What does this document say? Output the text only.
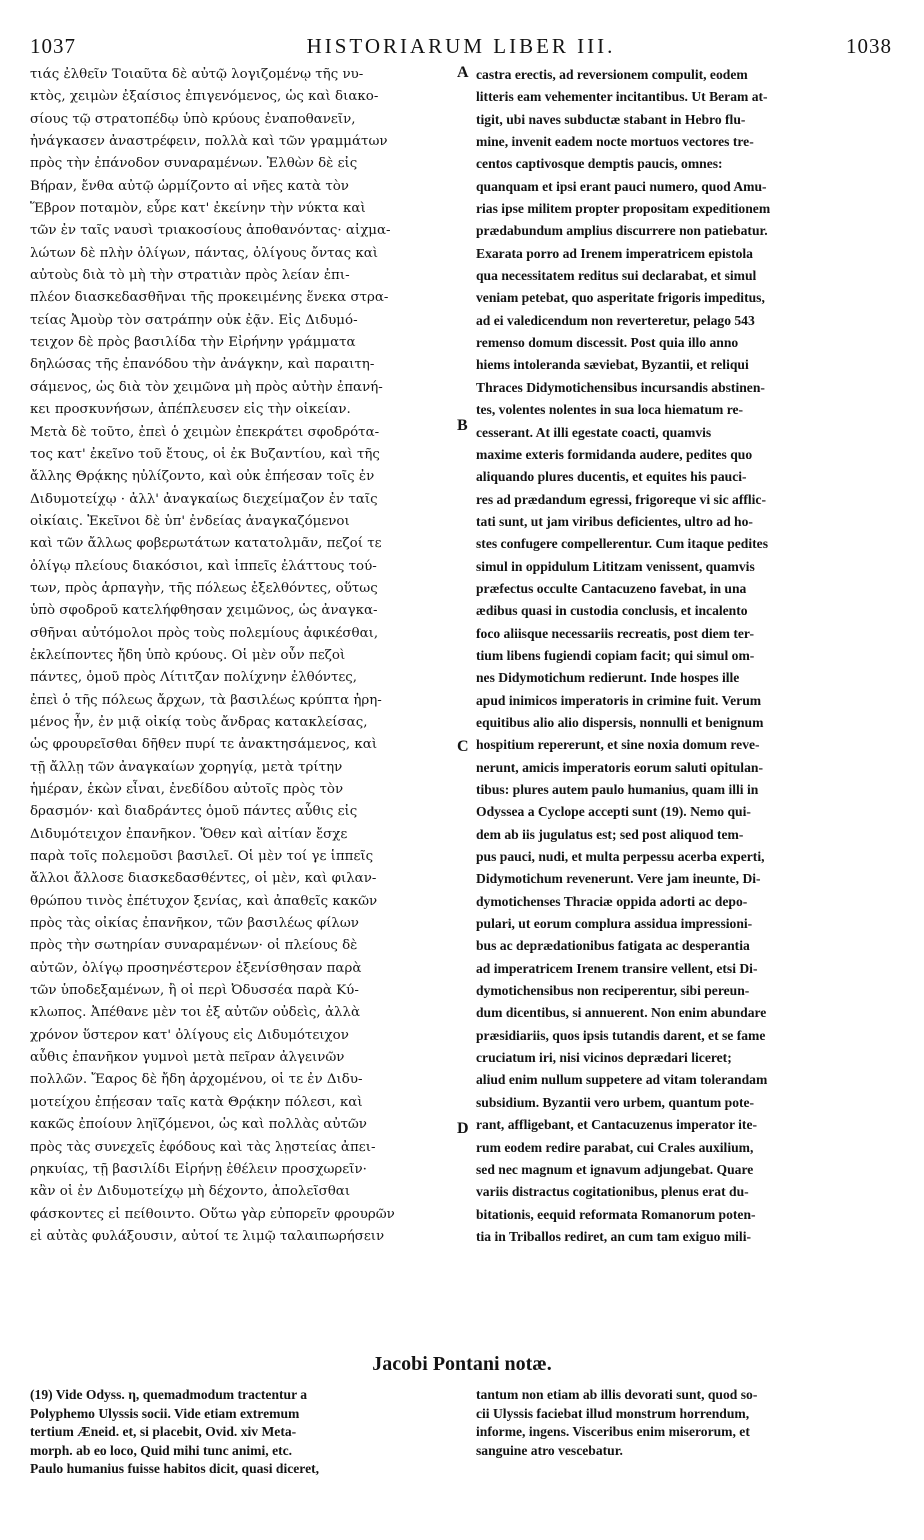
1037	HISTORIARUM LIBER III.	1038
τιάς ἐλθεῖν Τοιαῦτα δὲ αὐτῷ λογιζομένῳ τῆς νυ-
κτὸς, χειμὼν ἐξαίσιος ἐπιγενόμενος, ὡς καὶ διακο-
σίους τῷ στρατοπέδῳ ὑπὸ κρύους ἐναποθανεῖν,
ἠνάγκασεν ἀναστρέφειν, πολλὰ καὶ τῶν γραμμάτων
πρὸς τὴν ἐπάνοδον συναραμένων. Ἐλθὼν δὲ εἰς
Βήραν, ἔνθα αὐτῷ ὡρμίζοντο αἱ νῆες κατὰ τὸν
Ἕβρον ποταμὸν, εὗρε κατ' ἐκείνην τὴν νύκτα καὶ
τῶν ἐν ταῖς ναυσὶ τριακοσίους ἀποθανόντας· αἰχμα-
λώτων δὲ πλὴν ὀλίγων, πάντας, ὀλίγους ὄντας καὶ
αὐτοὺς διὰ τὸ μὴ τὴν στρατιὰν πρὸς λείαν ἐπι-
πλέον διασκεδασθῆναι τῆς προκειμένης ἕνεκα στρα-
τείας Ἀμοὺρ τὸν σατράπην οὐκ ἐᾷν. Εἰς Διδυμό-
τειχον δὲ πρὸς βασιλίδα τὴν Εἰρήνην γράμματα
δηλώσας τῆς ἐπανόδου τὴν ἀνάγκην, καὶ παραιτη-
σάμενος, ὡς διὰ τὸν χειμῶνα μὴ πρὸς αὐτὴν ἐπανή-
κει προσκυνήσων, ἀπέπλευσεν εἰς τὴν οἰκείαν.
Μετὰ δὲ τοῦτο, ἐπεὶ ὁ χειμὼν ἐπεκράτει σφοδρότα-
τος κατ' ἐκεῖνο τοῦ ἔτους, οἱ ἐκ Βυζαντίου, καὶ τῆς
ἄλλης Θρᾴκης ηὐλίζοντο, καὶ οὐκ ἐπήεσαν τοῖς ἐν
Διδυμοτείχῳ · ἀλλ' ἀναγκαίως διεχείμαζον ἐν ταῖς
οἰκίαις. Ἐκεῖνοι δὲ ὑπ' ἐνδείας ἀναγκαζόμενοι
καὶ τῶν ἄλλως φοβερωτάτων κατατολμᾶν, πεζοί τε
ὀλίγῳ πλείους διακόσιοι, καὶ ἱππεῖς ἐλάττους τού-
των, πρὸς ἁρπαγὴν, τῆς πόλεως ἐξελθόντες, οὕτως
ὑπὸ σφοδροῦ κατελήφθησαν χειμῶνος, ὡς ἀναγκα-
σθῆναι αὐτόμολοι πρὸς τοὺς πολεμίους ἀφικέσθαι,
ἐκλείποντες ἤδη ὑπὸ κρύους. Οἱ μὲν οὖν πεζοὶ
πάντες, ὁμοῦ πρὸς Λίτιτζαν πολίχνην ἐλθόντες,
ἐπεὶ ὁ τῆς πόλεως ἄρχων, τὰ βασιλέως κρύπτα ἠρη-
μένος ἦν, ἐν μιᾷ οἰκίᾳ τοὺς ἄνδρας κατακλείσας,
ὡς φρουρεῖσθαι δῆθεν πυρί τε ἀνακτησάμενος, καὶ
τῇ ἄλλῃ τῶν ἀναγκαίων χορηγίᾳ, μετὰ τρίτην
ἡμέραν, ἑκὼν εἶναι, ἐνεδίδου αὐτοῖς πρὸς τὸν
δρασμόν· καὶ διαδράντες ὁμοῦ πάντες αὖθις εἰς
Διδυμότειχον ἐπανῆκον. Ὅθεν καὶ αἰτίαν ἔσχε
παρὰ τοῖς πολεμοῦσι βασιλεῖ. Οἱ μὲν τοί γε ἱππεῖς
ἄλλοι ἄλλοσε διασκεδασθέντες, οἱ μὲν, καὶ φιλαν-
θρώπου τινὸς ἐπέτυχον ξενίας, καὶ ἀπαθεῖς κακῶν
πρὸς τὰς οἰκίας ἐπανῆκον, τῶν βασιλέως φίλων
πρὸς τὴν σωτηρίαν συναραμένων· οἱ πλείους δὲ
αὐτῶν, ὀλίγῳ προσηνέστερον ἐξενίσθησαν παρὰ
τῶν ὑποδεξαμένων, ἢ οἱ περὶ Ὀδυσσέα παρὰ Κύ-
κλωπος. Ἀπέθανε μὲν τοι ἐξ αὐτῶν οὐδεὶς, ἀλλὰ
χρόνον ὕστερον κατ' ὀλίγους εἰς Διδυμότειχον
αὖθις ἐπανῆκον γυμνοὶ μετὰ πεῖραν ἀλγεινῶν
πολλῶν. Ἔαρος δὲ ἤδη ἀρχομένου, οἱ τε ἐν Διδυ-
μοτείχου ἐπῄεσαν ταῖς κατὰ Θρᾴκην πόλεσι, καὶ
κακῶς ἐποίουν ληϊζόμενοι, ὡς καὶ πολλὰς αὐτῶν
πρὸς τὰς συνεχεῖς ἐφόδους καὶ τὰς λῃστείας ἀπει-
ρηκυίας, τῇ βασιλίδι Εἰρήνῃ ἐθέλειν προσχωρεῖν·
κἂν οἱ ἐν Διδυμοτείχῳ μὴ δέχοντο, ἀπολεῖσθαι
φάσκοντες εἰ πείθοιντο. Οὕτω γὰρ εὐπορεῖν φρουρῶν
εἰ αὐτὰς φυλάξουσιν, αὐτοί τε λιμῷ ταλαιπωρήσειν
castra erectis, ad reversionem compulit, eodem
litteris eam vehementer incitantibus. Ut Beram at-
tigit, ubi naves subductæ stabant in Hebro flu-
mine, invenit eadem nocte mortuos vectores tre-
centos captivosque demptis paucis, omnes:
quanquam et ipsi erant pauci numero, quod Amu-
rias ipse militem propter propositam expeditionem
prædabundum amplius discurrere non patiebatur.
Exarata porro ad Irenem imperatricem epistola
qua necessitatem reditus sui declarabat, et simul
veniam petebat, quo asperitate frigoris impeditus,
ad ei valedicendum non reverteretur, pelago 543
remenso domum discessit. Post quia illo anno
hiems intoleranda sæviebat, Byzantii, et reliqui
Thraces Didymotichensibus incursandis abstinen-
tes, volentes nolentes in sua loca hiematum re-
cesserant. At illi egestate coacti, quamvis
maxime exteris formidanda audere, pedites quo
aliquando plures ducentis, et equites his pauci-
res ad prædandum egressi, frigoreque vi sic afflic-
tati sunt, ut jam viribus deficientes, ultro ad ho-
stes confugere compellerentur. Cum itaque pedites
simul in oppidulum Lititzam venissent, quamvis
præfectus occulte Cantacuzeno favebat, in una
ædibus quasi in custodia conclusis, et incalento
foco aliisque necessariis recreatis, post diem ter-
tium libens fugiendi copiam facit; qui simul om-
nes Didymotichum redierunt. Inde hospes ille
apud inimicos imperatoris in crimine fuit. Verum
equitibus alio alio dispersis, nonnulli et benignum
hospitium repererunt, et sine noxia domum reve-
nerunt, amicis imperatoris eorum saluti opitulan-
tibus: plures autem paulo humanius, quam illi in
Odyssea a Cyclope accepti sunt (19). Nemo qui-
dem ab iis jugulatus est; sed post aliquod tem-
pus pauci, nudi, et multa perpessu acerba experti,
Didymotichum revenerunt. Vere jam ineunte, Di-
dymotichenses Thraciæ oppida adorti ac depo-
pulari, ut eorum complura assidua impressioni-
bus ac deprædationibus fatigata ac desperantia
ad imperatricem Irenem transire vellent, etsi Di-
dymotichensibus non reciperentur, sibi pereun-
dum dicentibus, si annuerent. Non enim abundare
præsidiariis, quos ipsis tutandis darent, et se fame
cruciatum iri, nisi vicinos deprædari liceret;
aliud enim nullum suppetere ad vitam tolerandam
subsidium. Byzantii vero urbem, quantum pote-
rant, affligebant, et Cantacuzenus imperator ite-
rum eodem redire parabat, cui Crales auxilium,
sed nec magnum et ignavum adjungebat. Quare
variis distractus cogitationibus, plenus erat du-
bitationis, eequid reformata Romanorum poten-
tia in Triballos rediret, an cum tam exiguo mili-
A
B
C
D
Jacobi Pontani notæ.
(19) Vide Odyss. η, quemadmodum tractentur a
Polyphemo Ulyssis socii. Vide etiam extremum
tertium Æneid. et, si placebit, Ovid. xiv Meta-
morph. ab eo loco, Quid mihi tunc animi, etc.
Paulo humanius fuisse habitos dicit, quasi diceret,
tantum non etiam ab illis devorati sunt, quod so-
cii Ulyssis faciebat illud monstrum horrendum,
informe, ingens. Visceribus enim miserorum, et
sanguine atro vescebatur.
